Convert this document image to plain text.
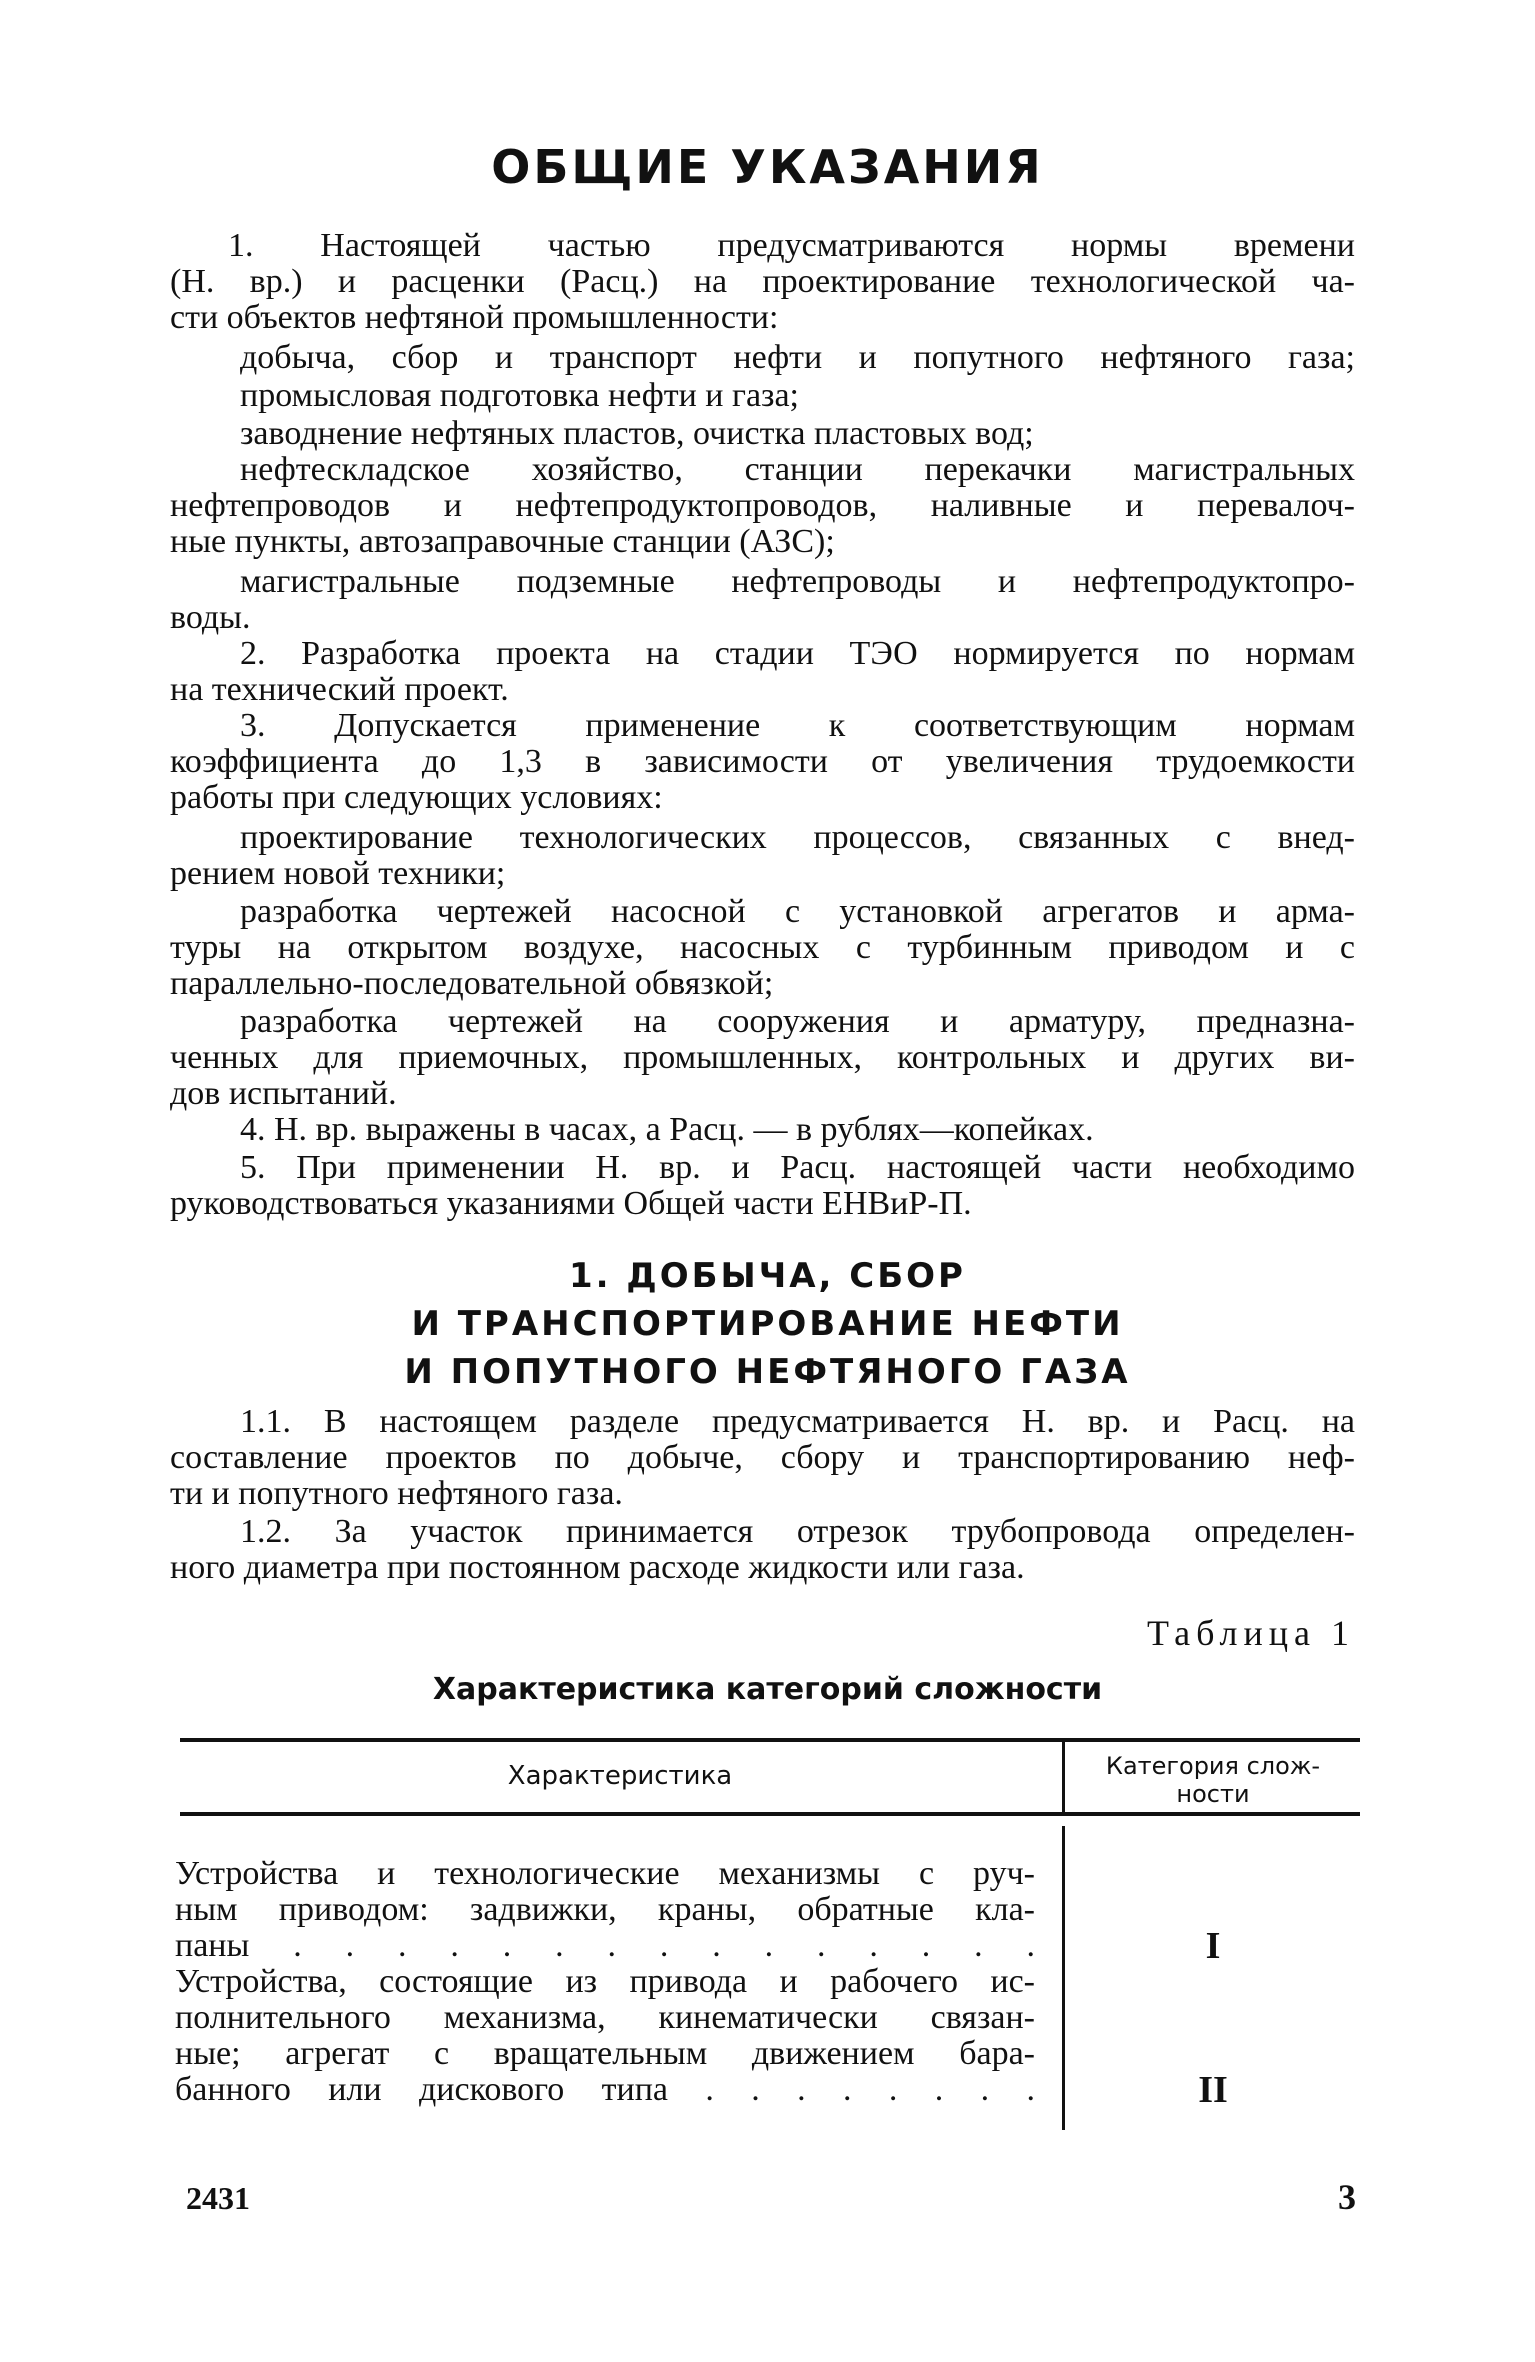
ОБЩИЕ УКАЗАНИЯ
1. Настоящей частью предусматриваются нормы времени
(Н. вр.) и расценки (Расц.) на проектирование технологической ча-
сти объектов нефтяной промышленности:
добыча, сбор и транспорт нефти и попутного нефтяного газа;
промысловая подготовка нефти и газа;
заводнение нефтяных пластов, очистка пластовых вод;
нефтескладское хозяйство, станции перекачки магистральных
нефтепроводов и нефтепродуктопроводов, наливные и перевалоч-
ные пункты, автозаправочные станции (АЗС);
магистральные подземные нефтепроводы и нефтепродуктопро-
воды.
2. Разработка проекта на стадии ТЭО нормируется по нормам
на технический проект.
3. Допускается применение к соответствующим нормам
коэффициента до 1,3 в зависимости от увеличения трудоемкости
работы при следующих условиях:
проектирование технологических процессов, связанных с внед-
рением новой техники;
разработка чертежей насосной с установкой агрегатов и арма-
туры на открытом воздухе, насосных с турбинным приводом и с
параллельно-последовательной обвязкой;
разработка чертежей на сооружения и арматуру, предназна-
ченных для приемочных, промышленных, контрольных и других ви-
дов испытаний.
4. Н. вр. выражены в часах, а Расц. — в рублях—копейках.
5. При применении Н. вр. и Расц. настоящей части необходимо
руководствоваться указаниями Общей части ЕНВиР-П.
1. ДОБЫЧА, СБОР
И ТРАНСПОРТИРОВАНИЕ НЕФТИ
И ПОПУТНОГО НЕФТЯНОГО ГАЗА
1.1. В настоящем разделе предусматривается Н. вр. и Расц. на
составление проектов по добыче, сбору и транспортированию неф-
ти и попутного нефтяного газа.
1.2. За участок принимается отрезок трубопровода определен-
ного диаметра при постоянном расходе жидкости или газа.
Таблица 1
Характеристика категорий сложности
Характеристика	Категория слож-
ности
Устройства и технологические механизмы с руч-
ным приводом: задвижки, краны, обратные кла-
паны . . . . . . . . . . . . . . .	I
Устройства, состоящие из привода и рабочего ис-
полнительного механизма, кинематически связан-
ные; агрегат с вращательным движением бара-
банного или дискового типа . . . . . . . .	II
2431	3
